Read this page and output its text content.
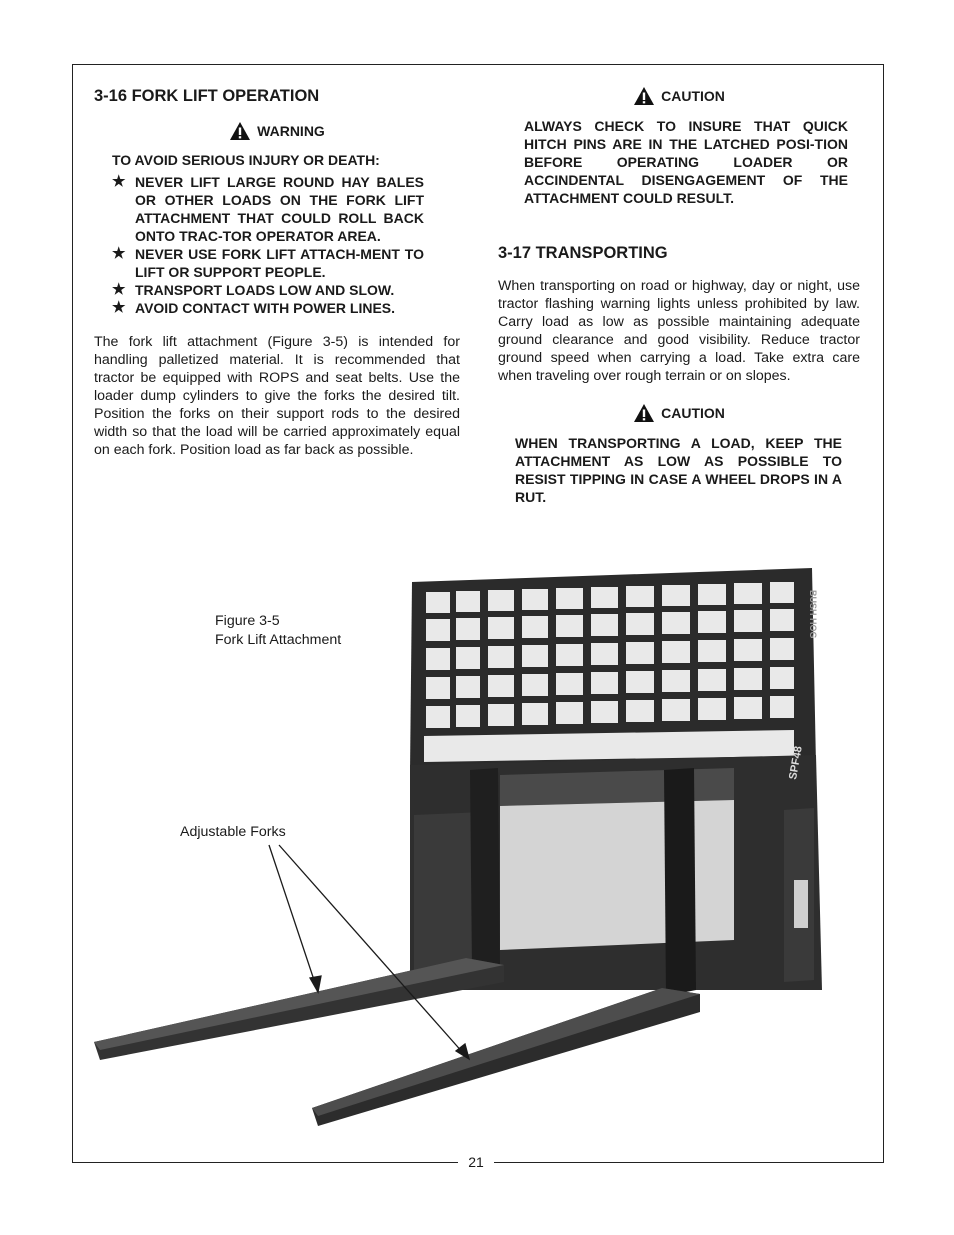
21
3-16 FORK LIFT OPERATION
WARNING
TO AVOID SERIOUS INJURY OR DEATH:
★ NEVER LIFT LARGE ROUND HAY BALES OR OTHER LOADS ON THE FORK LIFT ATTACHMENT THAT COULD ROLL BACK ONTO TRAC-TOR OPERATOR AREA.
★ NEVER USE FORK LIFT ATTACH-MENT TO LIFT OR SUPPORT PEOPLE.
★ TRANSPORT LOADS LOW AND SLOW.
★ AVOID CONTACT WITH POWER LINES.

The fork lift attachment (Figure 3-5) is intended for handling palletized material. It is recommended that tractor be equipped with ROPS and seat belts. Use the loader dump cylinders to give the forks the desired tilt. Position the forks on their support rods to the desired width so that the load will be carried approximately equal on each fork. Position load as far back as possible.

CAUTION
ALWAYS CHECK TO INSURE THAT QUICK HITCH PINS ARE IN THE LATCHED POSI-TION BEFORE OPERATING LOADER OR ACCINDENTAL DISENGAGEMENT OF THE ATTACHMENT COULD RESULT.
3-17 TRANSPORTING

When transporting on road or highway, day or night, use tractor flashing warning lights unless prohibited by law. Carry load as low as possible maintaining adequate ground clearance and good visibility. Reduce tractor ground speed when carrying a load. Take extra care when traveling over rough terrain or on slopes.

CAUTION
WHEN TRANSPORTING A LOAD, KEEP THE ATTACHMENT AS LOW AS POSSIBLE TO RESIST TIPPING IN CASE A WHEEL DROPS IN A RUT.
SPF48
BUSH HOG
Figure 3-5
Fork Lift Attachment
Adjustable Forks
